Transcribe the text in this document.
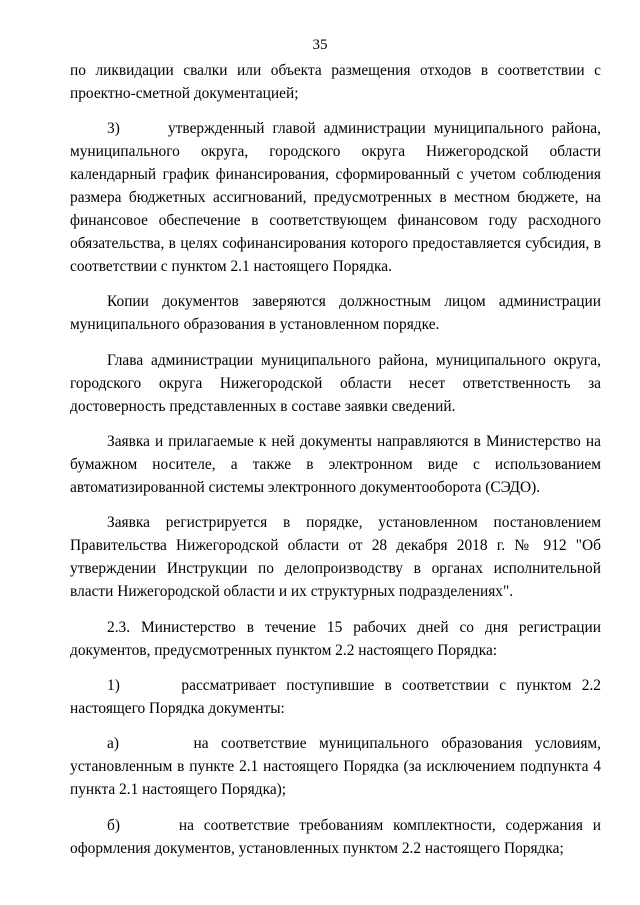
35

по ликвидации свалки или объекта размещения отходов в соответствии с проектно-сметной документацией;

3)      утвержденный главой администрации муниципального района, муниципального округа, городского округа Нижегородской области календарный график финансирования, сформированный с учетом соблюдения размера бюджетных ассигнований, предусмотренных в местном бюджете, на финансовое обеспечение в соответствующем финансовом году расходного обязательства, в целях софинансирования которого предоставляется субсидия, в соответствии с пунктом 2.1 настоящего Порядка.

Копии документов заверяются должностным лицом администрации муниципального образования в установленном порядке.

Глава администрации муниципального района, муниципального округа, городского округа Нижегородской области несет ответственность за достоверность представленных в составе заявки сведений.

Заявка и прилагаемые к ней документы направляются в Министерство на бумажном носителе, а также в электронном виде с использованием автоматизированной системы электронного документооборота (СЭДО).

Заявка регистрируется в порядке, установленном постановлением Правительства Нижегородской области от 28 декабря 2018 г. № 912 "Об утверждении Инструкции по делопроизводству в органах исполнительной власти Нижегородской области и их структурных подразделениях".

2.3. Министерство в течение 15 рабочих дней со дня регистрации документов, предусмотренных пунктом 2.2 настоящего Порядка:

1)      рассматривает поступившие в соответствии с пунктом 2.2 настоящего Порядка документы:

а)      на соответствие муниципального образования условиям, установленным в пункте 2.1 настоящего Порядка (за исключением подпункта 4 пункта 2.1 настоящего Порядка);

б)      на соответствие требованиям комплектности, содержания и оформления документов, установленных пунктом 2.2 настоящего Порядка;
